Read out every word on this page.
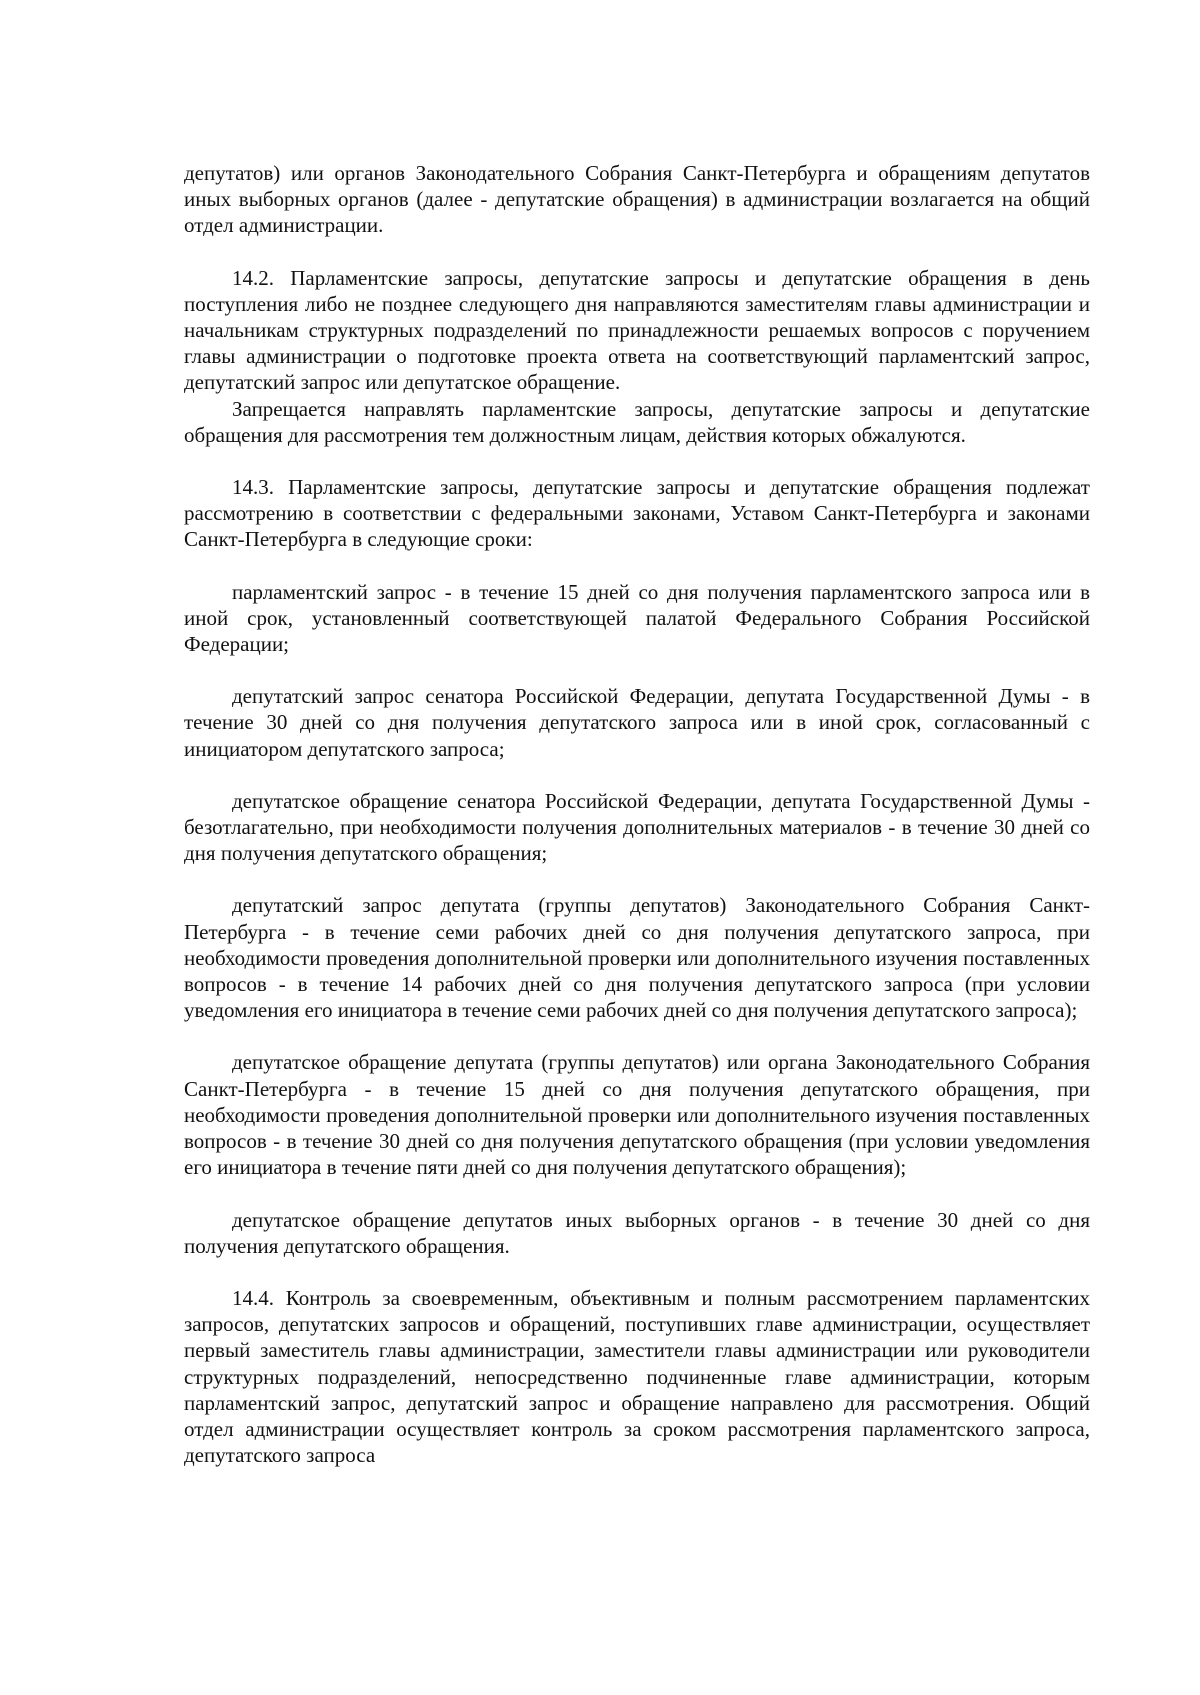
депутатов) или органов Законодательного Собрания Санкт-Петербурга и обращениям депутатов иных выборных органов (далее - депутатские обращения) в администрации возлагается на общий отдел администрации.

14.2. Парламентские запросы, депутатские запросы и депутатские обращения в день поступления либо не позднее следующего дня направляются заместителям главы администрации и начальникам структурных подразделений по принадлежности решаемых вопросов с поручением главы администрации о подготовке проекта ответа на соответствующий парламентский запрос, депутатский запрос или депутатское обращение.

Запрещается направлять парламентские запросы, депутатские запросы и депутатские обращения для рассмотрения тем должностным лицам, действия которых обжалуются.

14.3. Парламентские запросы, депутатские запросы и депутатские обращения подлежат рассмотрению в соответствии с федеральными законами, Уставом Санкт-Петербурга и законами Санкт-Петербурга в следующие сроки:

парламентский запрос - в течение 15 дней со дня получения парламентского запроса или в иной срок, установленный соответствующей палатой Федерального Собрания Российской Федерации;

депутатский запрос сенатора Российской Федерации, депутата Государственной Думы - в течение 30 дней со дня получения депутатского запроса или в иной срок, согласованный с инициатором депутатского запроса;

депутатское обращение сенатора Российской Федерации, депутата Государственной Думы - безотлагательно, при необходимости получения дополнительных материалов - в течение 30 дней со дня получения депутатского обращения;

депутатский запрос депутата (группы депутатов) Законодательного Собрания Санкт-Петербурга - в течение семи рабочих дней со дня получения депутатского запроса, при необходимости проведения дополнительной проверки или дополнительного изучения поставленных вопросов - в течение 14 рабочих дней со дня получения депутатского запроса (при условии уведомления его инициатора в течение семи рабочих дней со дня получения депутатского запроса);

депутатское обращение депутата (группы депутатов) или органа Законодательного Собрания Санкт-Петербурга - в течение 15 дней со дня получения депутатского обращения, при необходимости проведения дополнительной проверки или дополнительного изучения поставленных вопросов - в течение 30 дней со дня получения депутатского обращения (при условии уведомления его инициатора в течение пяти дней со дня получения депутатского обращения);

депутатское обращение депутатов иных выборных органов - в течение 30 дней со дня получения депутатского обращения.

14.4. Контроль за своевременным, объективным и полным рассмотрением парламентских запросов, депутатских запросов и обращений, поступивших главе администрации, осуществляет первый заместитель главы администрации, заместители главы администрации или руководители структурных подразделений, непосредственно подчиненные главе администрации, которым парламентский запрос, депутатский запрос и обращение направлено для рассмотрения. Общий отдел администрации осуществляет контроль за сроком рассмотрения парламентского запроса, депутатского запроса
